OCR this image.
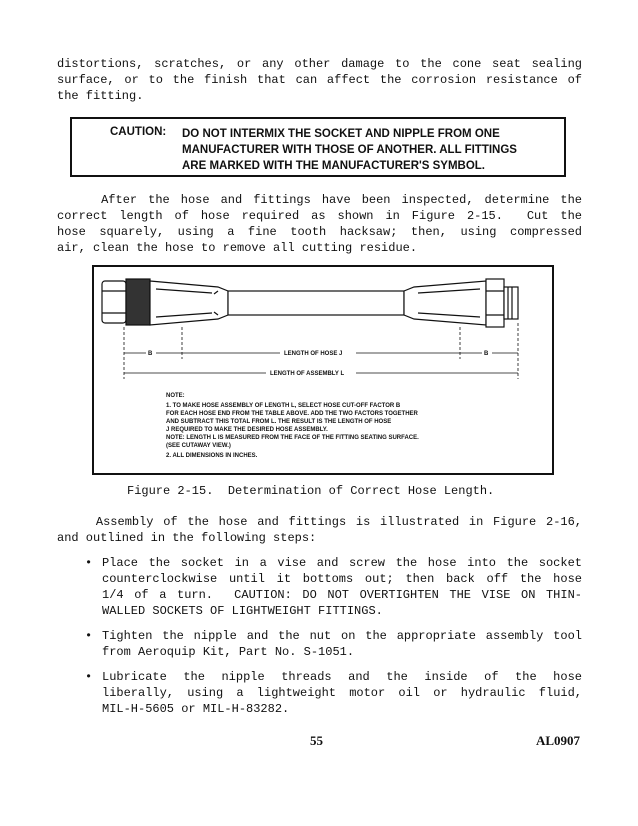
distortions, scratches, or any other damage to the cone seat sealing
surface, or to the finish that can affect the corrosion resistance of
the fitting.
CAUTION: DO NOT INTERMIX THE SOCKET AND NIPPLE FROM ONE
MANUFACTURER WITH THOSE OF ANOTHER. ALL FITTINGS
ARE MARKED WITH THE MANUFACTURER'S SYMBOL.
After the hose and fittings have been inspected, determine the
correct length of hose required as shown in Figure 2-15.  Cut the
hose squarely, using a fine tooth hacksaw; then, using compressed
air, clean the hose to remove all cutting residue.
B	LENGTH OF HOSE J	B
LENGTH OF ASSEMBLY L
NOTE:
1. TO MAKE HOSE ASSEMBLY OF LENGTH L, SELECT HOSE CUT-OFF FACTOR B
FOR EACH HOSE END FROM THE TABLE ABOVE. ADD THE TWO FACTORS TOGETHER
AND SUBTRACT THIS TOTAL FROM L. THE RESULT IS THE LENGTH OF HOSE
J REQUIRED TO MAKE THE DESIRED HOSE ASSEMBLY.
NOTE: LENGTH L IS MEASURED FROM THE FACE OF THE FITTING SEATING SURFACE.
(SEE CUTAWAY VIEW.)
2. ALL DIMENSIONS IN INCHES.
Figure 2-15.  Determination of Correct Hose Length.
Assembly of the hose and fittings is illustrated in Figure 2-16,
and outlined in the following steps:
• Place the socket in a vise and screw the hose into the socket
counterclockwise until it bottoms out; then back off the hose
1/4 of a turn.  CAUTION: DO NOT OVERTIGHTEN THE VISE ON THIN-
WALLED SOCKETS OF LIGHTWEIGHT FITTINGS.
• Tighten the nipple and the nut on the appropriate assembly tool
from Aeroquip Kit, Part No. S-1051.
• Lubricate the nipple threads and the inside of the hose
liberally, using a lightweight motor oil or hydraulic fluid,
MIL-H-5605 or MIL-H-83282.
55	AL0907
